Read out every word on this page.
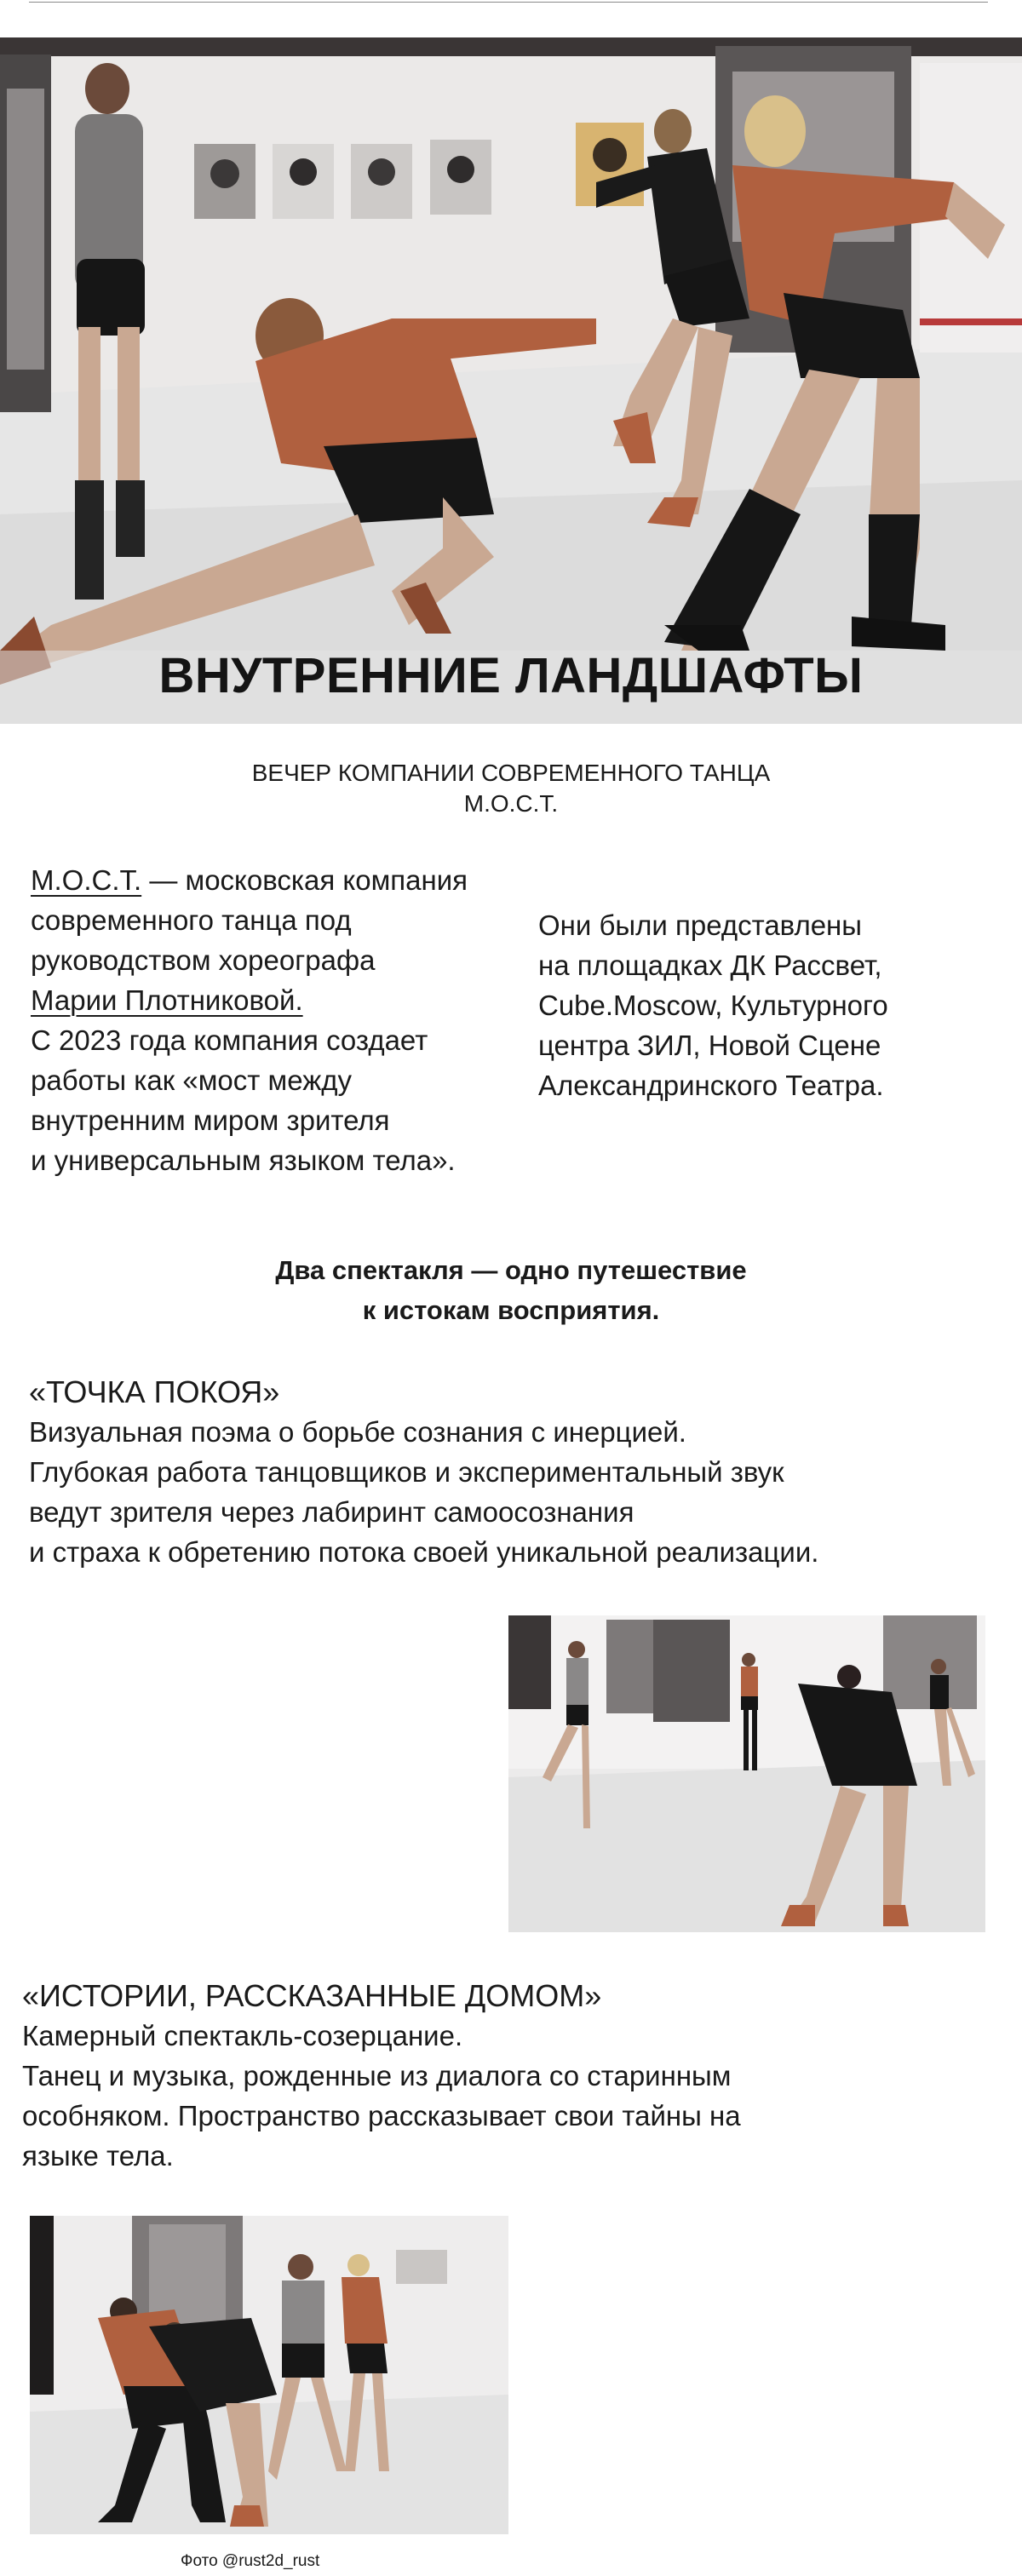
ВНУТРЕННИЕ ЛАНДШАФТЫ
ВЕЧЕР КОМПАНИИ СОВРЕМЕННОГО ТАНЦА
М.О.С.Т.
М.О.С.Т. — московская компания
современного танца под
руководством хореографа
Марии Плотниковой.
С 2023 года компания создает
работы как «мост между
внутренним миром зрителя
и универсальным языком тела».
Они были представлены
на площадках ДК Рассвет,
Cube.Moscow, Культурного
центра ЗИЛ, Новой Сцене
Александринского Театра.
Два спектакля — одно путешествие
к истокам восприятия.
«ТОЧКА ПОКОЯ»
Визуальная поэма о борьбе сознания с инерцией.
Глубокая работа танцовщиков и экспериментальный звук
ведут зрителя через лабиринт самоосознания
и страха к обретению потока своей уникальной реализации.
«ИСТОРИИ, РАССКАЗАННЫЕ ДОМОМ»
Камерный спектакль-созерцание.
Танец и музыка, рожденные из диалога со старинным
особняком. Пространство рассказывает свои тайны на
языке тела.
Фото @rust2d_rust
